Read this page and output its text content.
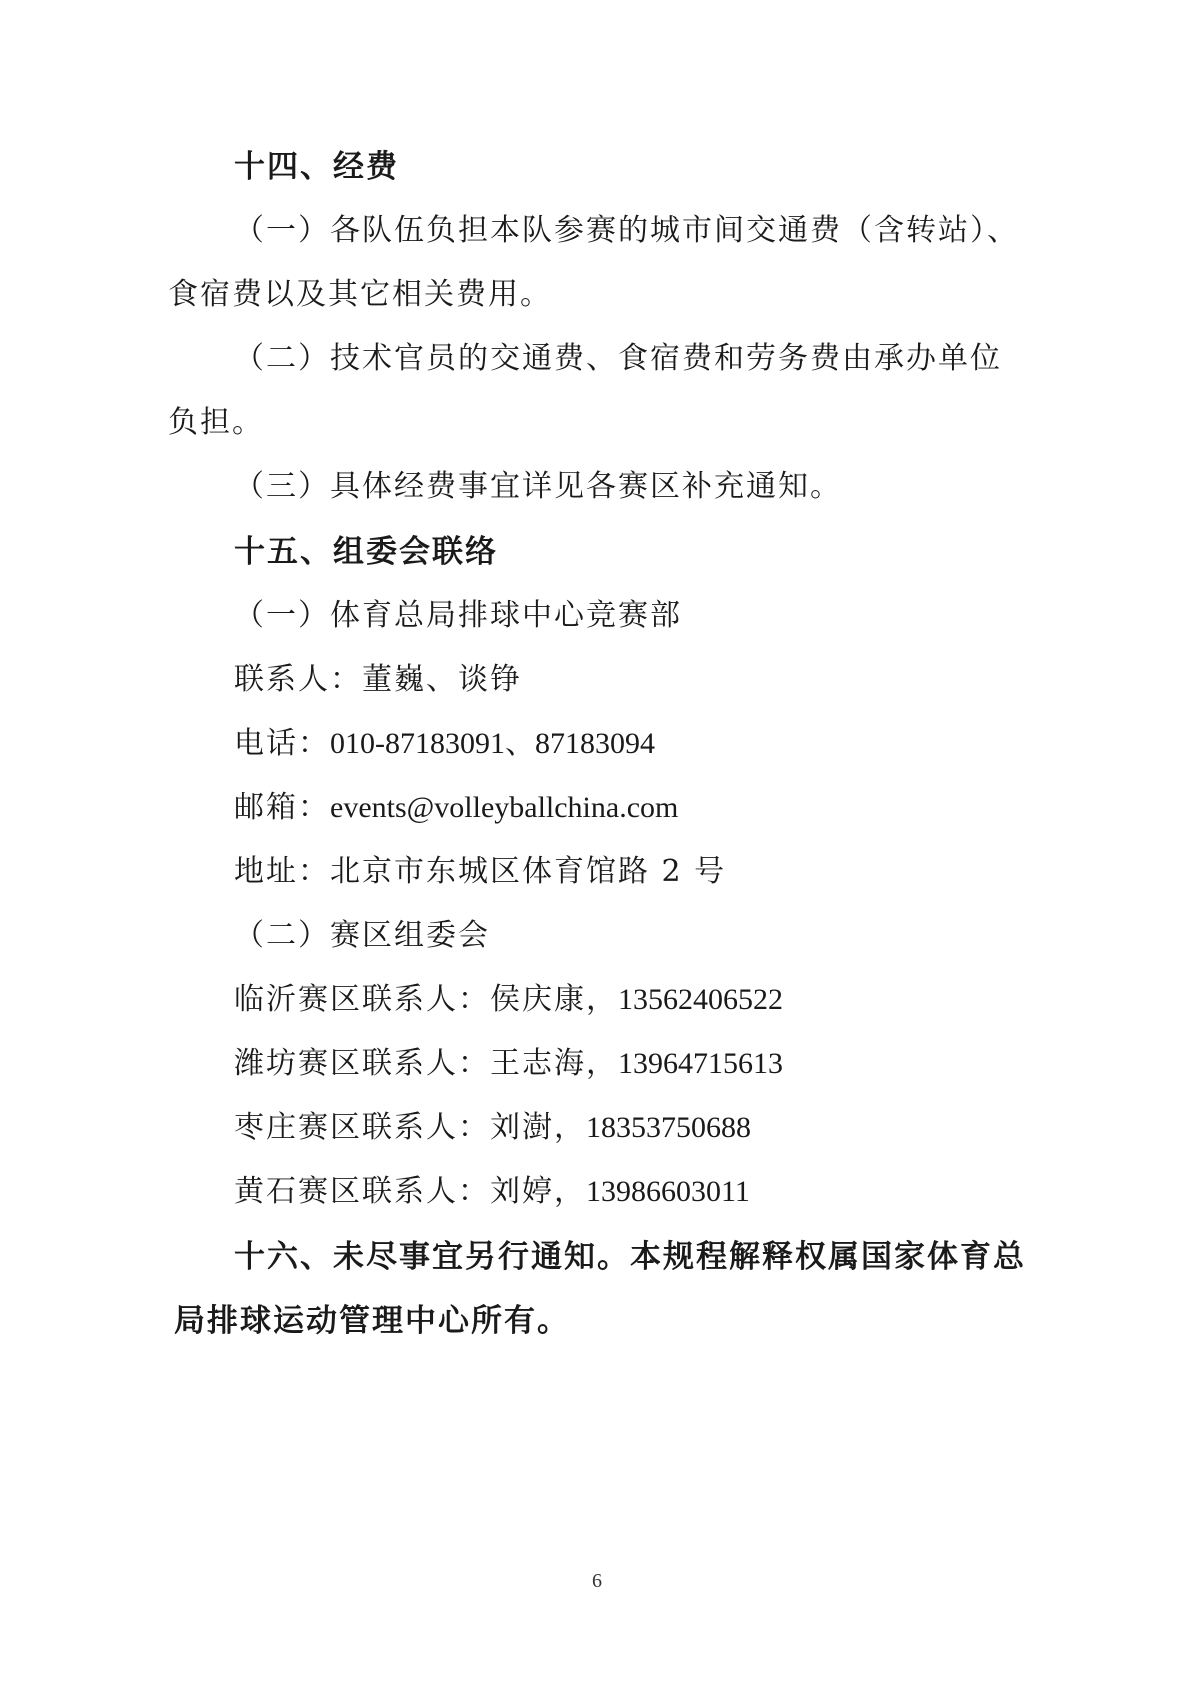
十四、经费
（一）各队伍负担本队参赛的城市间交通费（含转站）、
食宿费以及其它相关费用。
（二）技术官员的交通费、食宿费和劳务费由承办单位
负担。
（三）具体经费事宜详见各赛区补充通知。
十五、组委会联络
（一）体育总局排球中心竞赛部
联系人：董巍、谈铮
电话：010-87183091、87183094
邮箱：events@volleyballchina.com
地址：北京市东城区体育馆路 2 号
（二）赛区组委会
临沂赛区联系人：侯庆康，13562406522
潍坊赛区联系人：王志海，13964715613
枣庄赛区联系人：刘澍，18353750688
黄石赛区联系人：刘婷，13986603011
十六、未尽事宜另行通知。本规程解释权属国家体育总
局排球运动管理中心所有。
6
